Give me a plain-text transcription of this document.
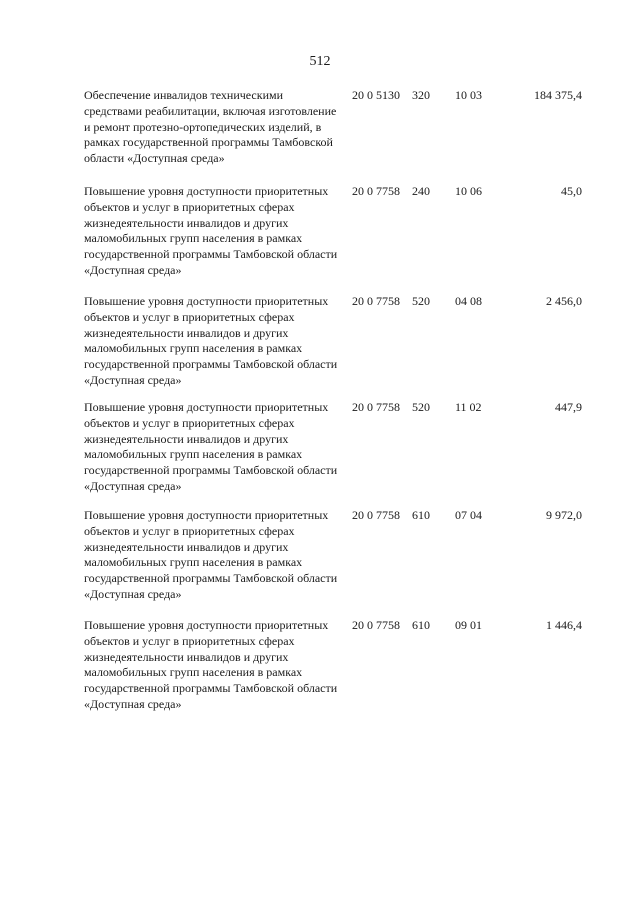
512
Обеспечение инвалидов техническими средствами реабилитации, включая изготовление и ремонт протезно-ортопедических изделий, в рамках государственной программы Тамбовской области «Доступная среда»
20 0 5130 320 10 03	184 375,4
Повышение уровня доступности приоритетных объектов и услуг в приоритетных сферах жизнедеятельности инвалидов и других маломобильных групп населения в рамках государственной программы Тамбовской области «Доступная среда»
20 0 7758 240 10 06	45,0
Повышение уровня доступности приоритетных объектов и услуг в приоритетных сферах жизнедеятельности инвалидов и других маломобильных групп населения в рамках государственной программы Тамбовской области «Доступная среда»
20 0 7758 520 04 08	2 456,0
Повышение уровня доступности приоритетных объектов и услуг в приоритетных сферах жизнедеятельности инвалидов и других маломобильных групп населения в рамках государственной программы Тамбовской области «Доступная среда»
20 0 7758 520 11 02	447,9
Повышение уровня доступности приоритетных объектов и услуг в приоритетных сферах жизнедеятельности инвалидов и других маломобильных групп населения в рамках государственной программы Тамбовской области «Доступная среда»
20 0 7758 610 07 04	9 972,0
Повышение уровня доступности приоритетных объектов и услуг в приоритетных сферах жизнедеятельности инвалидов и других маломобильных групп населения в рамках государственной программы Тамбовской области «Доступная среда»
20 0 7758 610 09 01	1 446,4
